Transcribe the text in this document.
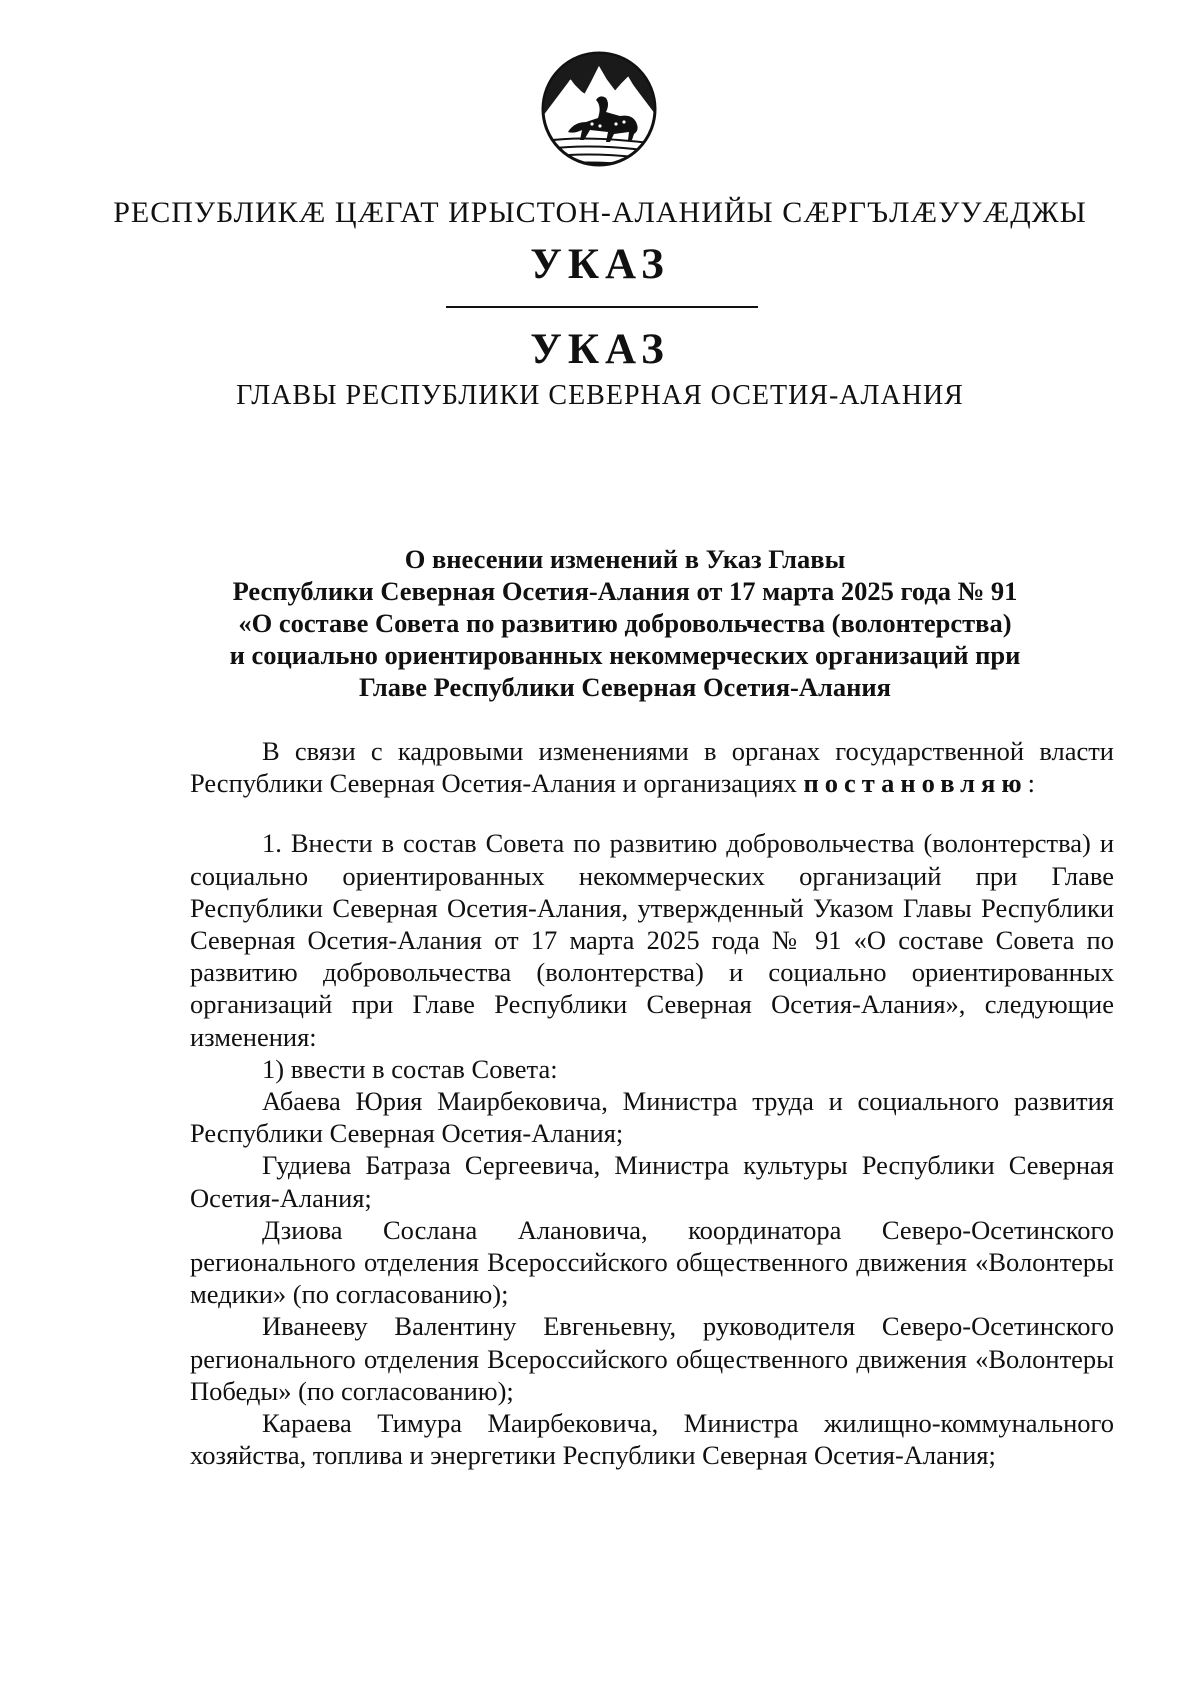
РЕСПУБЛИКÆ ЦÆГАТ ИРЫСТОН-АЛАНИЙЫ СÆРГЪЛÆУУÆДЖЫ
УКАЗ
УКАЗ
ГЛАВЫ РЕСПУБЛИКИ СЕВЕРНАЯ ОСЕТИЯ-АЛАНИЯ
О внесении изменений в Указ Главы
Республики Северная Осетия-Алания от 17 марта 2025 года № 91
«О составе Совета по развитию добровольчества (волонтерства)
и социально ориентированных некоммерческих организаций при
Главе Республики Северная Осетия-Алания

В связи с кадровыми изменениями в органах государственной власти Республики Северная Осетия-Алания и организациях постановляю:

1. Внести в состав Совета по развитию добровольчества (волонтерства) и социально ориентированных некоммерческих организаций при Главе Республики Северная Осетия-Алания, утвержденный Указом Главы Республики Северная Осетия-Алания от 17 марта 2025 года № 91 «О составе Совета по развитию добровольчества (волонтерства) и социально ориентированных организаций при Главе Республики Северная Осетия-Алания», следующие изменения:

1) ввести в состав Совета:

Абаева Юрия Маирбековича, Министра труда и социального развития Республики Северная Осетия-Алания;

Гудиева Батраза Сергеевича, Министра культуры Республики Северная Осетия-Алания;

Дзиова Сослана Алановича, координатора Северо-Осетинского регионального отделения Всероссийского общественного движения «Волонтеры медики» (по согласованию);

Иванееву Валентину Евгеньевну, руководителя Северо-Осетинского регионального отделения Всероссийского общественного движения «Волонтеры Победы» (по согласованию);

Караева Тимура Маирбековича, Министра жилищно-коммунального хозяйства, топлива и энергетики Республики Северная Осетия-Алания;
